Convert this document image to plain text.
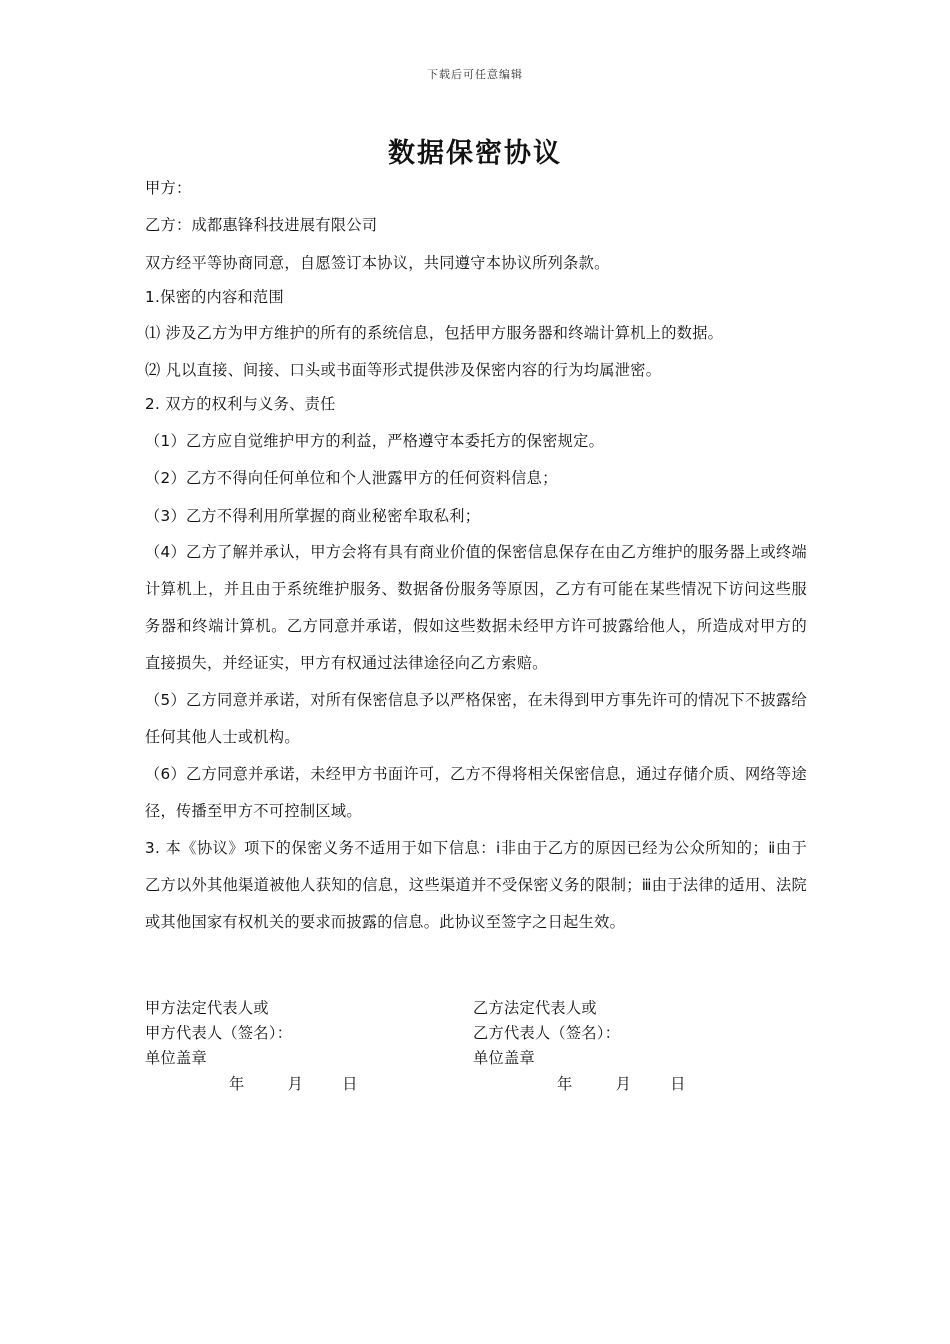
下载后可任意编辑
数据保密协议
甲方：
乙方：成都惠锋科技进展有限公司
双方经平等协商同意，自愿签订本协议，共同遵守本协议所列条款。
1.保密的内容和范围
⑴ 涉及乙方为甲方维护的所有的系统信息，包括甲方服务器和终端计算机上的数据。
⑵ 凡以直接、间接、口头或书面等形式提供涉及保密内容的行为均属泄密。
2. 双方的权利与义务、责任
（1）乙方应自觉维护甲方的利益，严格遵守本委托方的保密规定。
（2）乙方不得向任何单位和个人泄露甲方的任何资料信息；
（3）乙方不得利用所掌握的商业秘密牟取私利；

（4）乙方了解并承认，甲方会将有具有商业价值的保密信息保存在由乙方维护的服务器上或终端计算机上，并且由于系统维护服务、数据备份服务等原因，乙方有可能在某些情况下访问这些服务器和终端计算机。乙方同意并承诺，假如这些数据未经甲方许可披露给他人，所造成对甲方的直接损失，并经证实，甲方有权通过法律途径向乙方索赔。

（5）乙方同意并承诺，对所有保密信息予以严格保密，在未得到甲方事先许可的情况下不披露给任何其他人士或机构。

（6）乙方同意并承诺，未经甲方书面许可，乙方不得将相关保密信息，通过存储介质、网络等途径，传播至甲方不可控制区域。

3. 本《协议》项下的保密义务不适用于如下信息：ⅰ非由于乙方的原因已经为公众所知的；ⅱ由于乙方以外其他渠道被他人获知的信息，这些渠道并不受保密义务的限制；ⅲ由于法律的适用、法院或其他国家有权机关的要求而披露的信息。此协议至签字之日起生效。

甲方法定代表人或
甲方代表人（签名）：
单位盖章
年	月	日
乙方法定代表人或
乙方代表人（签名）：
单位盖章
年	月	日
